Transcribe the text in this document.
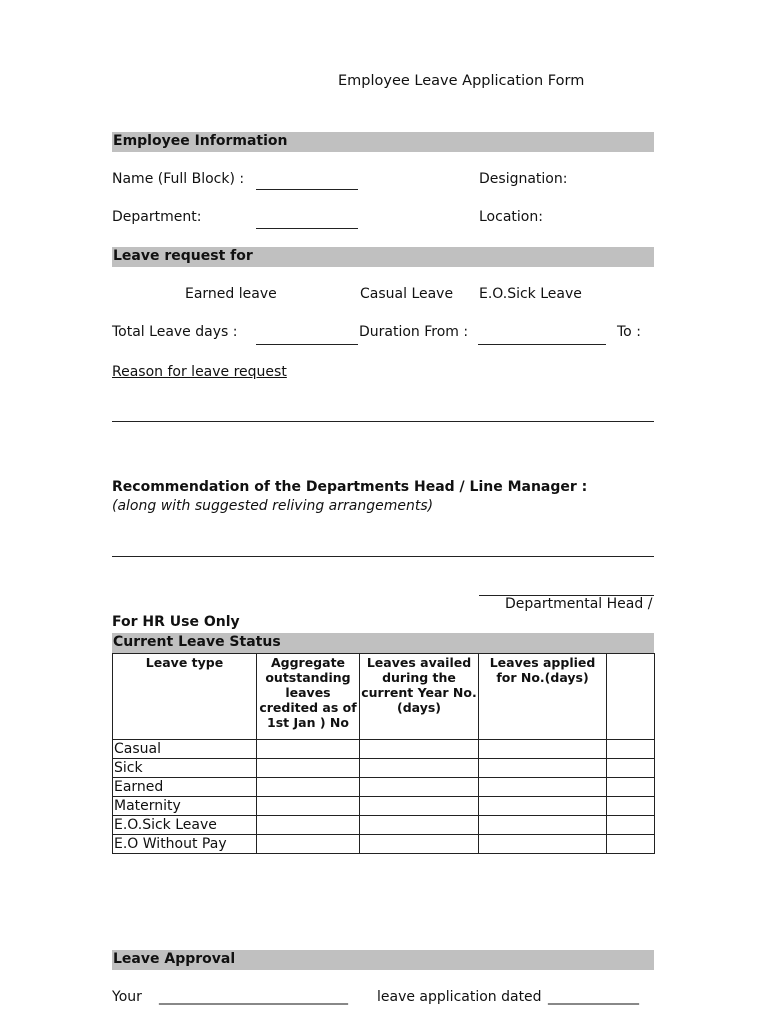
Employee Leave Application Form
Employee Information
Name (Full Block) :	Designation:
Department:	Location:
Leave request for
Earned leave	Casual Leave E.O.Sick Leave
Total Leave days :	Duration From :	To :
Reason for leave request
Recommendation of the Departments Head / Line Manager :
(along with suggested reliving arrangements)
Departmental Head /
For HR Use Only
Current Leave Status
Leave type	Aggregate outstanding leaves credited as of 1st Jan ) No	Leaves availed during the current Year No. (days)	Leaves applied for No.(days)	
Casual				
Sick				
Earned				
Maternity				
E.O.Sick Leave				
E.O Without Pay				
Leave Approval
Your ___________________________ leave application dated _____________
